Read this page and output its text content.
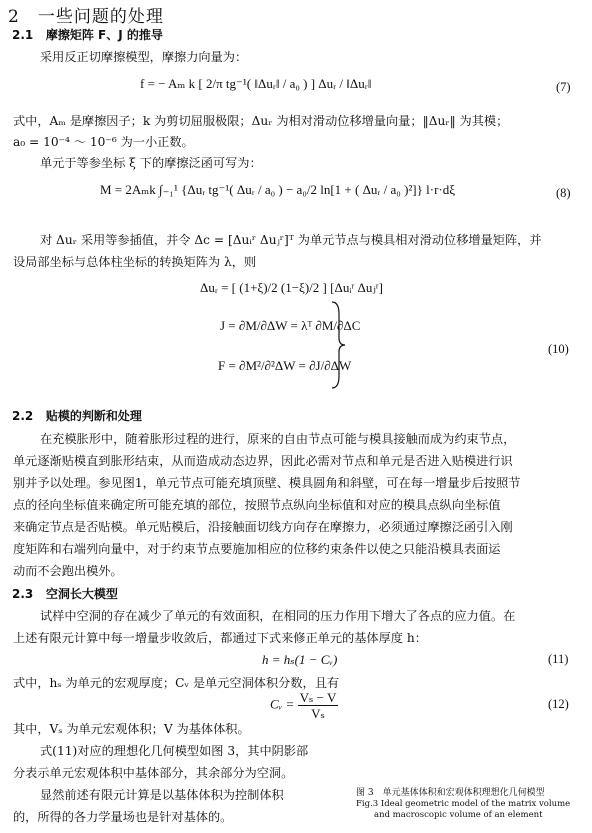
2　一些问题的处理
2.1 摩擦矩阵 F、J 的推导
采用反正切摩擦模型，摩擦力向量为：
f = − Aₘ k [ 2/π tg⁻¹( ‖Δuᵣ‖ / a₀ ) ] Δuᵣ / ‖Δuᵣ‖	(7)
式中，Aₘ 是摩擦因子；k 为剪切屈服极限；Δuᵣ 为相对滑动位移增量向量；‖Δuᵣ‖ 为其模；
a₀ = 10⁻⁴ ～ 10⁻⁶ 为一小正数。
单元于等参坐标 ξ 下的摩擦泛函可写为：
M = 2Aₘk ∫₋₁¹ {Δuᵣ tg⁻¹( Δuᵣ / a₀ ) − a₀/2 ln[1 + ( Δuᵣ / a₀ )²]} l·r·dξ	(8)
对 Δuᵣ 采用等参插值，并令 Δc = [Δuᵢʳ Δuⱼʳ]ᵀ 为单元节点与模具相对滑动位移增量矩阵，并
设局部坐标与总体柱坐标的转换矩阵为 λ，则
Δuᵣ = [ (1+ξ)/2 (1−ξ)/2 ] [Δuᵢʳ Δuⱼʳ]
J = ∂M/∂ΔW = λᵀ ∂M/∂ΔC
F = ∂M²/∂²ΔW = ∂J/∂ΔW
(10)
2.2 贴模的判断和处理
在充模胀形中，随着胀形过程的进行，原来的自由节点可能与模具接触而成为约束节点，
单元逐渐贴模直到胀形结束，从而造成动态边界，因此必需对节点和单元是否进入贴模进行识
别并予以处理。参见图1，单元节点可能充填顶壁、模具圆角和斜壁，可在每一增量步后按照节
点的径向坐标值来确定所可能充填的部位，按照节点纵向坐标值和对应的模具点纵向坐标值
来确定节点是否贴模。单元贴模后，沿接触面切线方向存在摩擦力，必须通过摩擦泛函引入刚
度矩阵和右端列向量中，对于约束节点要施加相应的位移约束条件以使之只能沿模具表面运
动而不会跑出模外。
2.3 空洞长大模型
试样中空洞的存在减少了单元的有效面积，在相同的压力作用下增大了各点的应力值。在
上述有限元计算中每一增量步收敛后，都通过下式来修正单元的基体厚度 h：
h = hₛ(1 − Cᵥ)	(11)
式中，hₛ 为单元的宏观厚度；Cᵥ 是单元空洞体积分数，且有
Cᵥ = $\frac{\text{Vₛ − V}}{\text{Vₛ}}$	(12)
其中，Vₛ 为单元宏观体积；V 为基体体积。
式(11)对应的理想化几何模型如图 3，其中阴影部
分表示单元宏观体积中基体部分，其余部分为空洞。
显然前述有限元计算是以基体体积为控制体积
的，所得的各力学量场也是针对基体的。
图 3　单元基体体积和宏观体积理想化几何模型
Fig.3 Ideal geometric model of the matrix volume
and macroscopic volume of an element
